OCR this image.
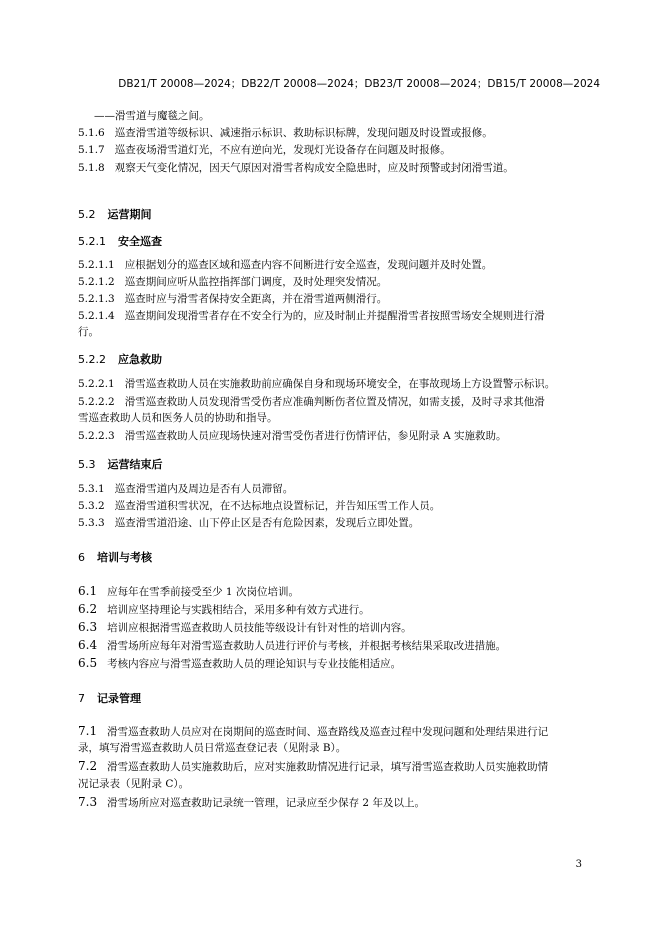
DB21/T 20008—2024；DB22/T 20008—2024；DB23/T 20008—2024；DB15/T 20008—2024
——滑雪道与魔毯之间。
5.1.6 巡查滑雪道等级标识、减速指示标识、救助标识标牌，发现问题及时设置或报修。
5.1.7 巡查夜场滑雪道灯光，不应有逆向光，发现灯光设备存在问题及时报修。
5.1.8 观察天气变化情况，因天气原因对滑雪者构成安全隐患时，应及时预警或封闭滑雪道。
5.2 运营期间
5.2.1 安全巡查
5.2.1.1 应根据划分的巡查区域和巡查内容不间断进行安全巡查，发现问题并及时处置。
5.2.1.2 巡查期间应听从监控指挥部门调度，及时处理突发情况。
5.2.1.3 巡查时应与滑雪者保持安全距离，并在滑雪道两侧滑行。
5.2.1.4 巡查期间发现滑雪者存在不安全行为的，应及时制止并提醒滑雪者按照雪场安全规则进行滑
行。
5.2.2 应急救助
5.2.2.1 滑雪巡查救助人员在实施救助前应确保自身和现场环境安全，在事故现场上方设置警示标识。
5.2.2.2 滑雪巡查救助人员发现滑雪受伤者应准确判断伤者位置及情况，如需支援，及时寻求其他滑
雪巡查救助人员和医务人员的协助和指导。
5.2.2.3 滑雪巡查救助人员应现场快速对滑雪受伤者进行伤情评估，参见附录 A 实施救助。
5.3 运营结束后
5.3.1 巡查滑雪道内及周边是否有人员滞留。
5.3.2 巡查滑雪道积雪状况，在不达标地点设置标记，并告知压雪工作人员。
5.3.3 巡查滑雪道沿途、山下停止区是否有危险因素，发现后立即处置。
6 培训与考核
6.1 应每年在雪季前接受至少 1 次岗位培训。
6.2 培训应坚持理论与实践相结合，采用多种有效方式进行。
6.3 培训应根据滑雪巡查救助人员技能等级设计有针对性的培训内容。
6.4 滑雪场所应每年对滑雪巡查救助人员进行评价与考核，并根据考核结果采取改进措施。
6.5 考核内容应与滑雪巡查救助人员的理论知识与专业技能相适应。
7 记录管理
7.1 滑雪巡查救助人员应对在岗期间的巡查时间、巡查路线及巡查过程中发现问题和处理结果进行记
录，填写滑雪巡查救助人员日常巡查登记表（见附录 B）。
7.2 滑雪巡查救助人员实施救助后，应对实施救助情况进行记录，填写滑雪巡查救助人员实施救助情
况记录表（见附录 C）。
7.3 滑雪场所应对巡查救助记录统一管理，记录应至少保存 2 年及以上。
3
